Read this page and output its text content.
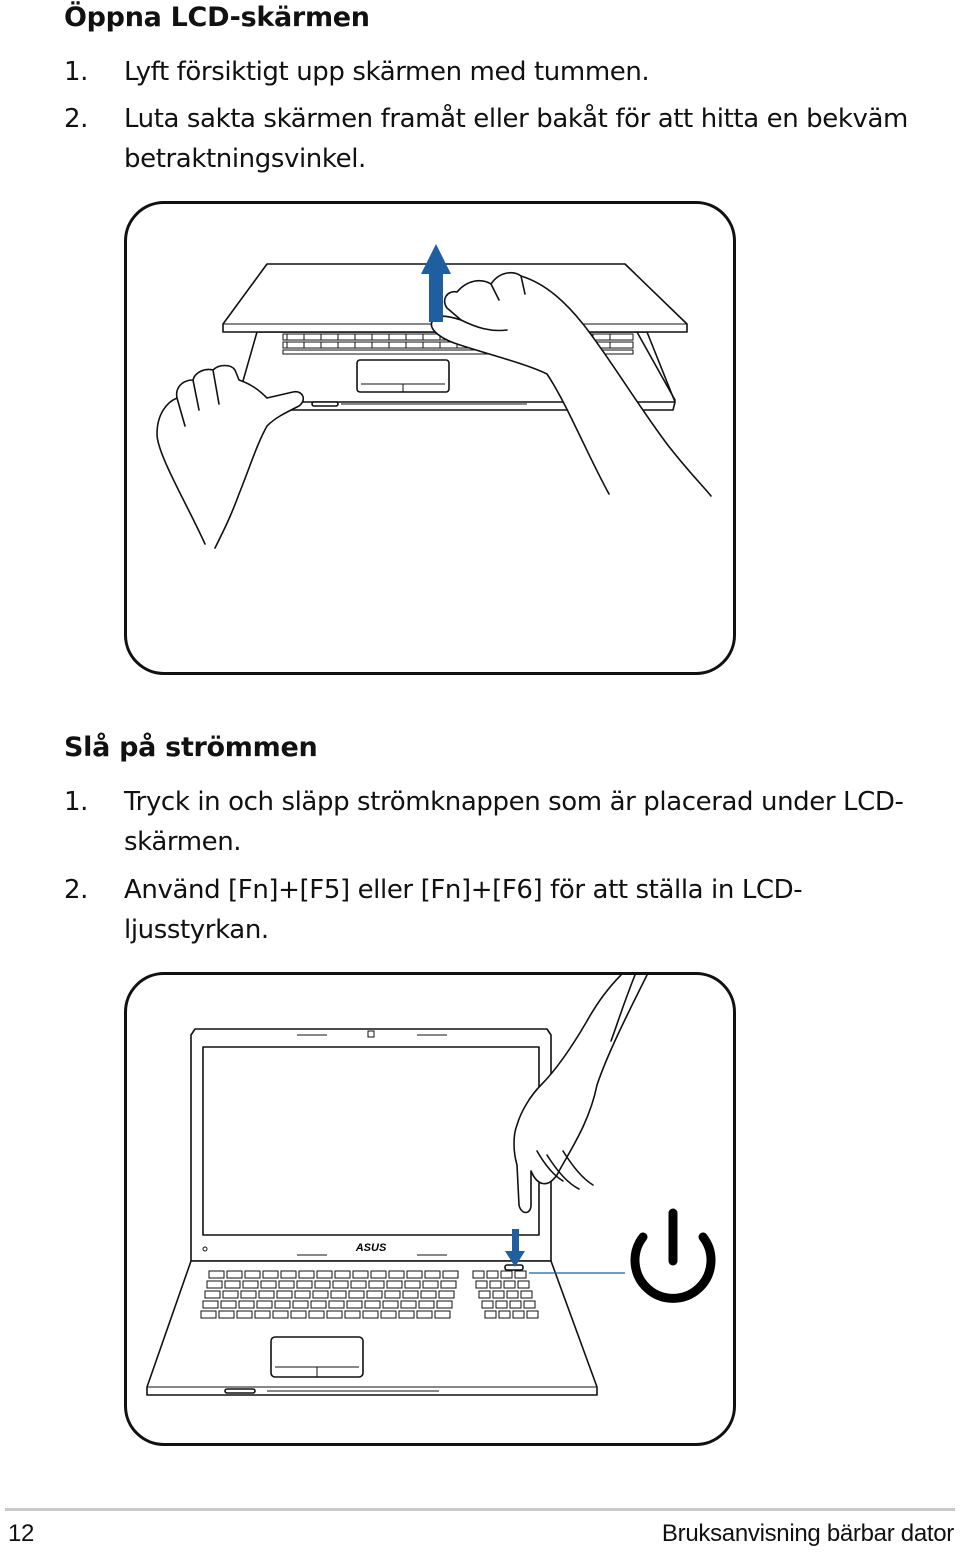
Öppna LCD-skärmen
1. Lyft försiktigt upp skärmen med tummen.
2. Luta sakta skärmen framåt eller bakåt för att hitta en bekväm betraktningsvinkel.
Slå på strömmen
1. Tryck in och släpp strömknappen som är placerad under LCD-skärmen.
2. Använd [Fn]+[F5] eller [Fn]+[F6] för att ställa in LCD-ljusstyrkan.
ASUS
12	Bruksanvisning bärbar dator
